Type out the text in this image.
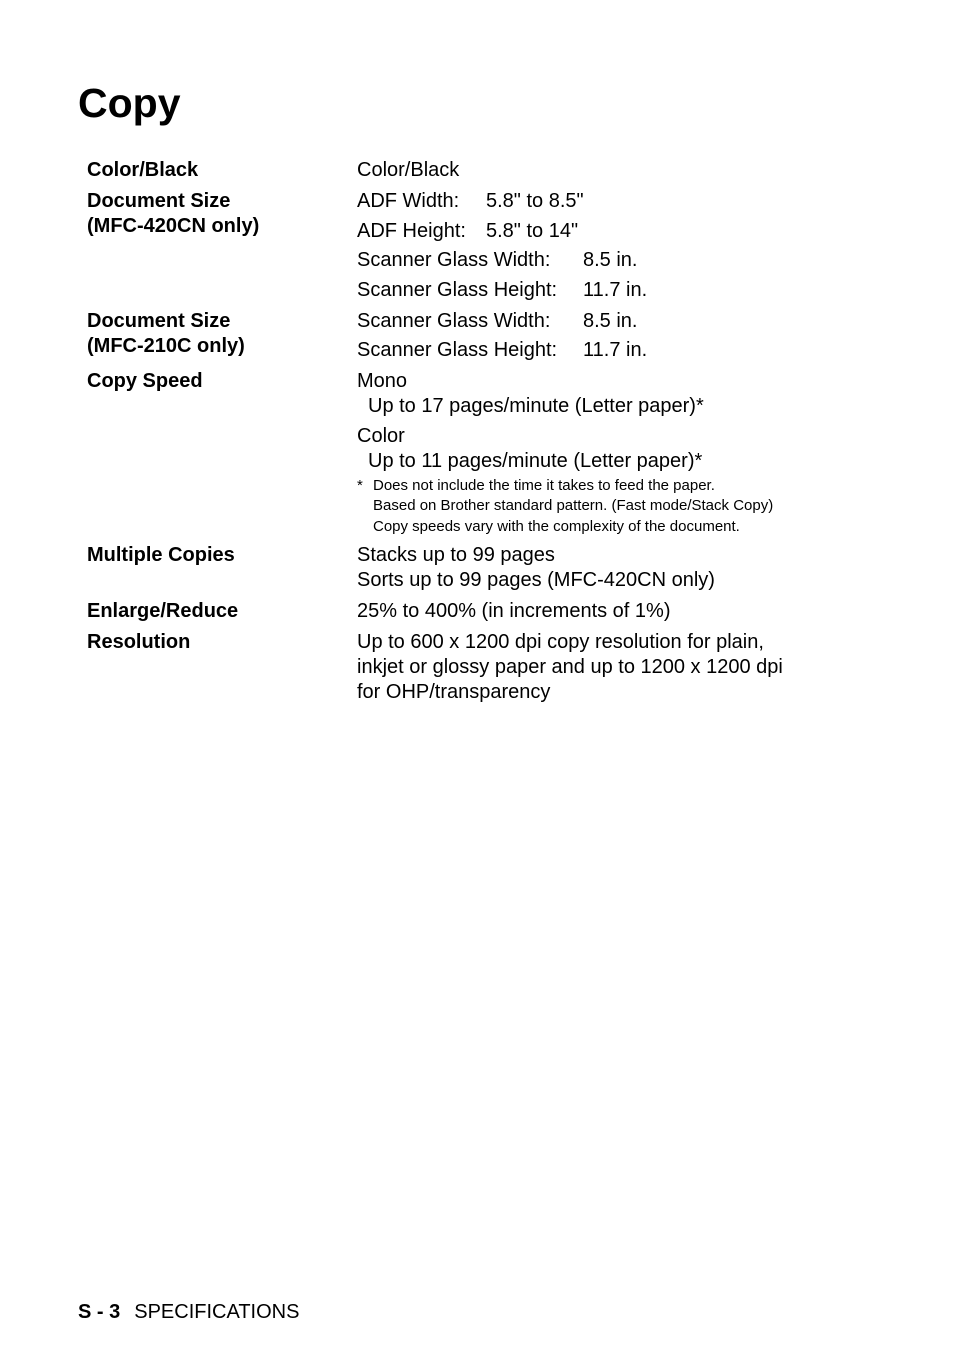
Copy
Color/Black	Color/Black
Document Size
(MFC-420CN only)
ADF Width:	5.8" to 8.5"
ADF Height:	5.8" to 14"
Scanner Glass Width:	8.5 in.
Scanner Glass Height:	11.7 in.
Document Size
(MFC-210C only)
Scanner Glass Width:	8.5 in.
Scanner Glass Height:	11.7 in.
Copy Speed	Mono
Up to 17 pages/minute (Letter paper)*
Color
Up to 11 pages/minute (Letter paper)*
* Does not include the time it takes to feed the paper.
Based on Brother standard pattern. (Fast mode/Stack Copy)
Copy speeds vary with the complexity of the document.
Multiple Copies	Stacks up to 99 pages
Sorts up to 99 pages (MFC-420CN only)
Enlarge/Reduce	25% to 400% (in increments of 1%)
Resolution	Up to 600 x 1200 dpi copy resolution for plain,
inkjet or glossy paper and up to 1200 x 1200 dpi
for OHP/transparency
S - 3 SPECIFICATIONS
